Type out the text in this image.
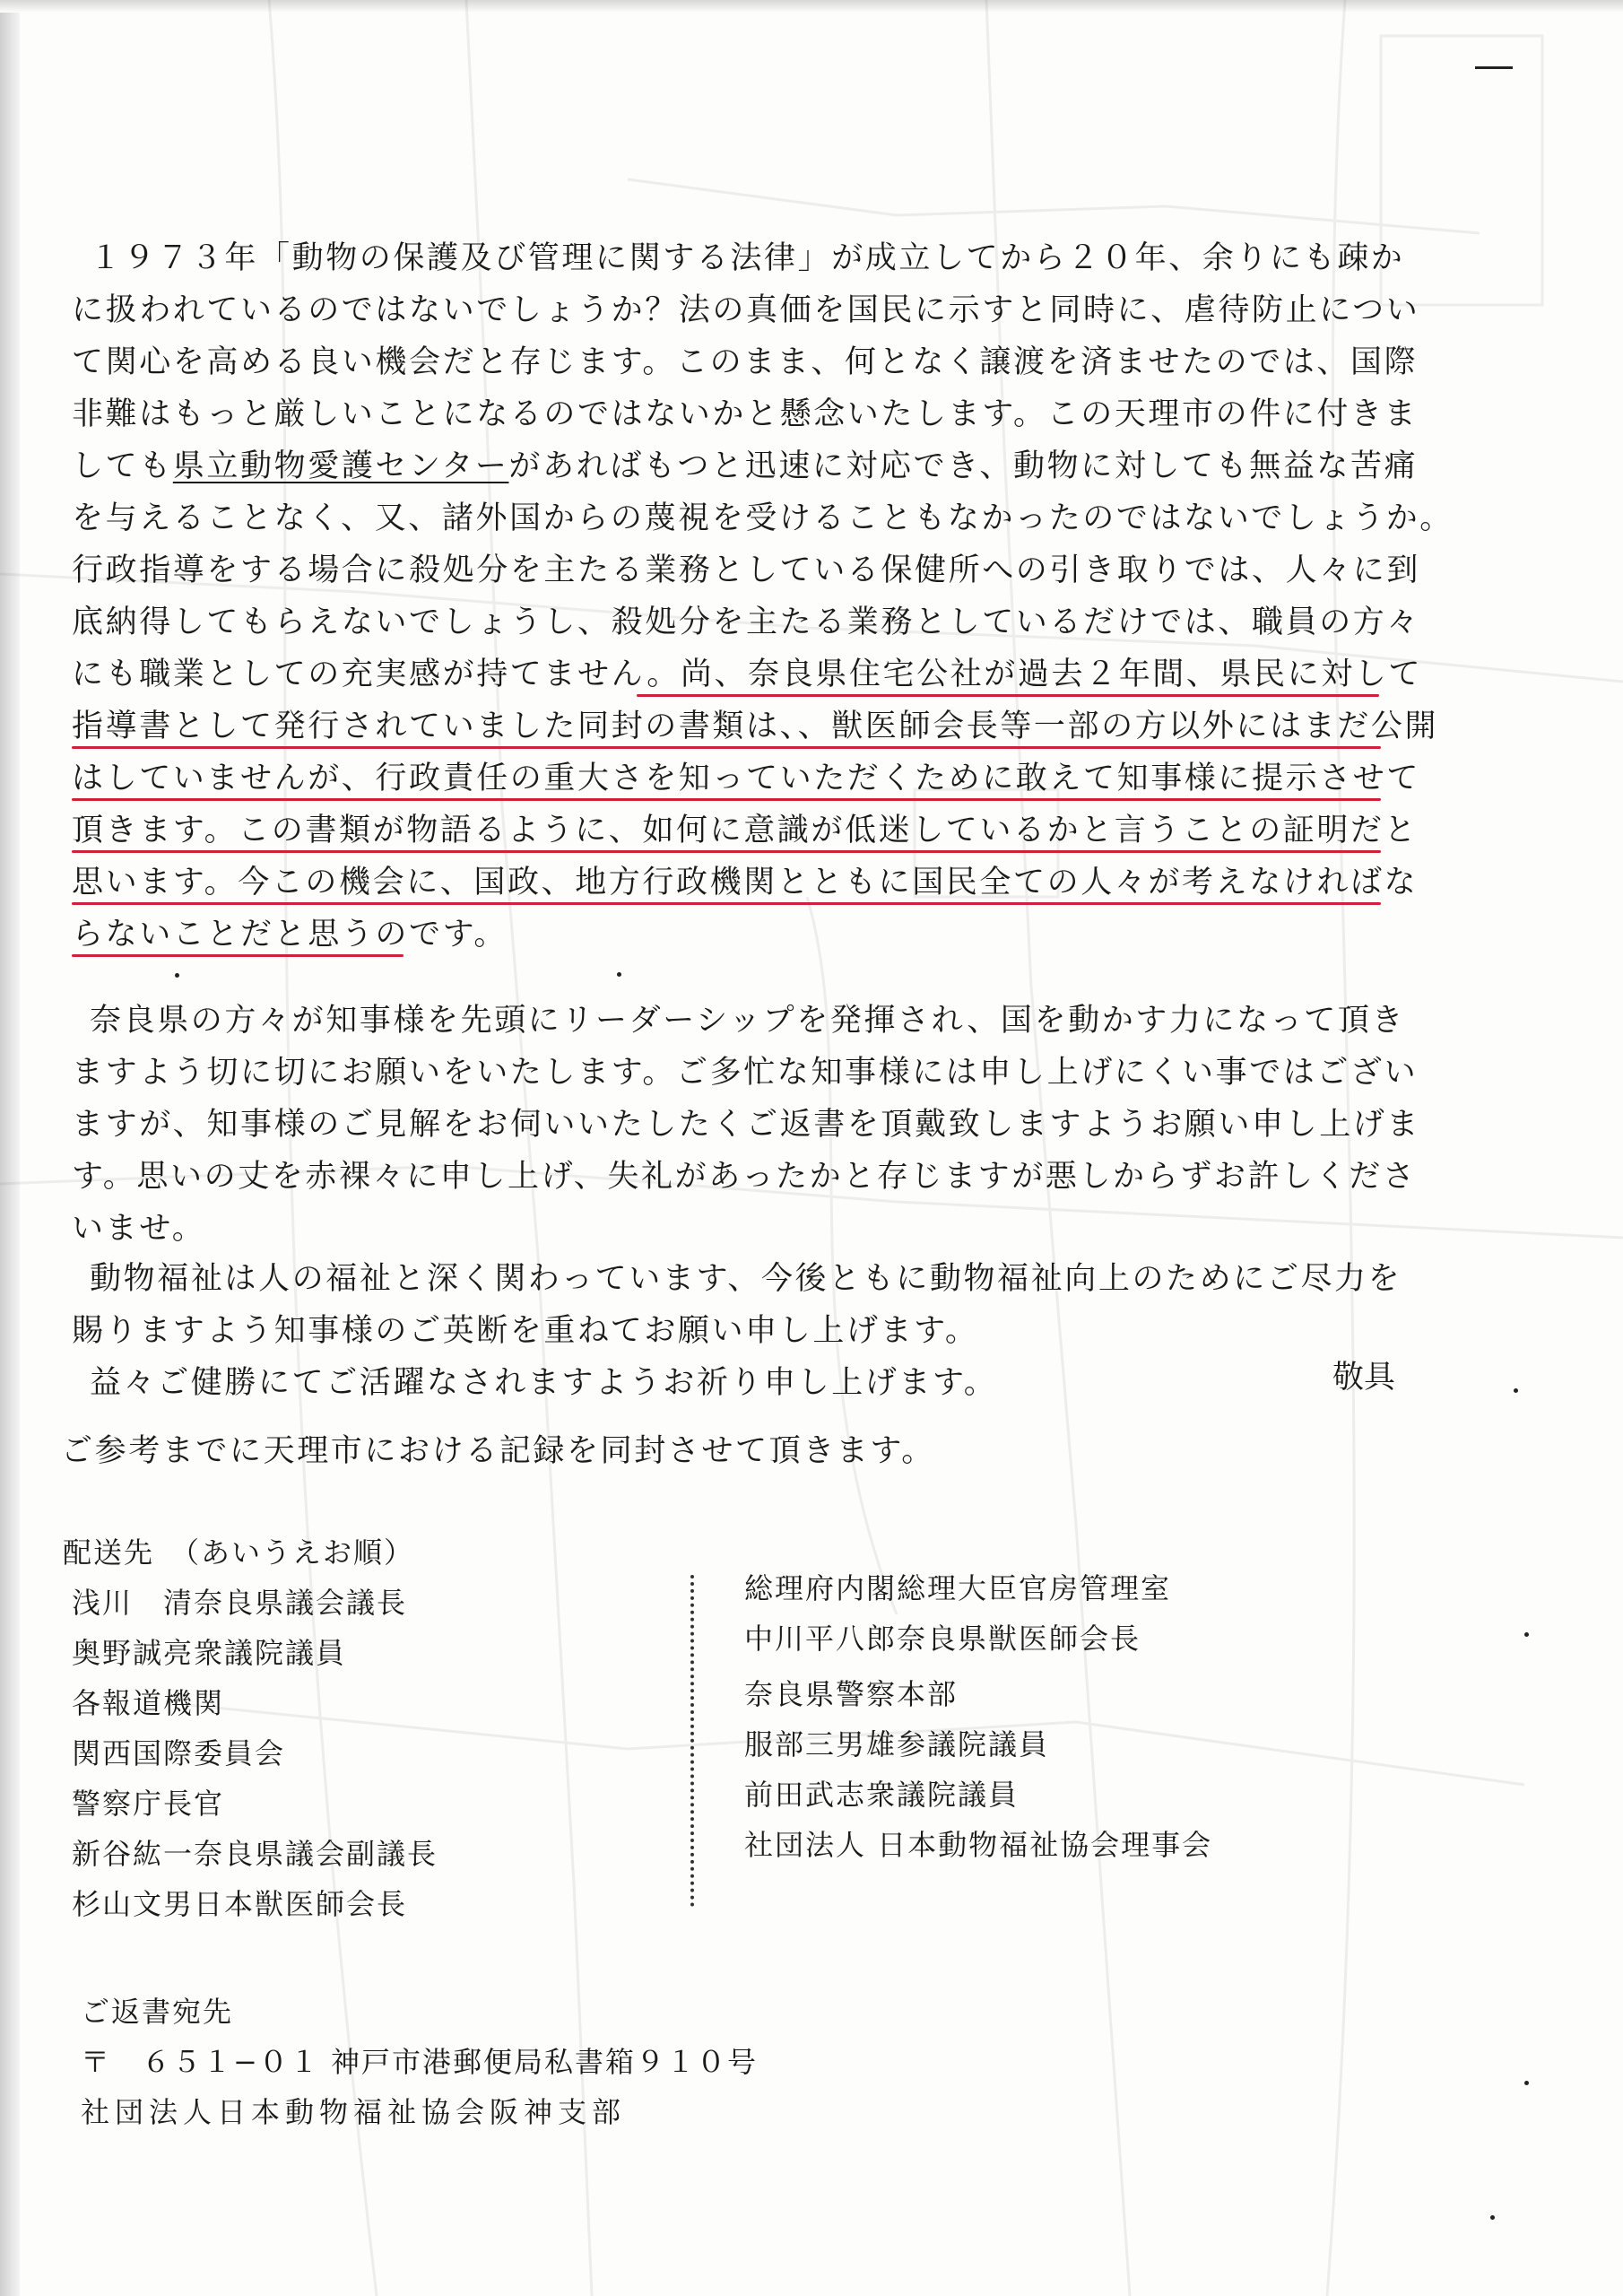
１９７３年「動物の保護及び管理に関する法律」が成立してから２０年、余りにも疎か
に扱われているのではないでしょうか？法の真価を国民に示すと同時に、虐待防止につい
て関心を高める良い機会だと存じます。このまま、何となく譲渡を済ませたのでは、国際
非難はもっと厳しいことになるのではないかと懸念いたします。この天理市の件に付きま
しても県立動物愛護センターがあればもつと迅速に対応でき、動物に対しても無益な苦痛
を与えることなく、又、諸外国からの蔑視を受けることもなかったのではないでしょうか。
行政指導をする場合に殺処分を主たる業務としている保健所への引き取りでは、人々に到
底納得してもらえないでしょうし、殺処分を主たる業務としているだけでは、職員の方々
にも職業としての充実感が持てません。尚、奈良県住宅公社が過去２年間、県民に対して
指導書として発行されていました同封の書類は、、獣医師会長等一部の方以外にはまだ公開
はしていませんが、行政責任の重大さを知っていただくために敢えて知事様に提示させて
頂きます。この書類が物語るように、如何に意識が低迷しているかと言うことの証明だと
思います。今この機会に、国政、地方行政機関とともに国民全ての人々が考えなければな
らないことだと思うのです。
奈良県の方々が知事様を先頭にリーダーシップを発揮され、国を動かす力になって頂き
ますよう切に切にお願いをいたします。ご多忙な知事様には申し上げにくい事ではござい
ますが、知事様のご見解をお伺いいたしたくご返書を頂戴致しますようお願い申し上げま
す。思いの丈を赤裸々に申し上げ、失礼があったかと存じますが悪しからずお許しくださ
いませ。
動物福祉は人の福祉と深く関わっています、今後ともに動物福祉向上のためにご尽力を
賜りますよう知事様のご英断を重ねてお願い申し上げます。
益々ご健勝にてご活躍なされますようお祈り申し上げます。	敬具
ご参考までに天理市における記録を同封させて頂きます。
配送先　（あいうえお順）
浅川　清奈良県議会議長
奥野誠亮衆議院議員
各報道機関
関西国際委員会
警察庁長官
新谷紘一奈良県議会副議長
杉山文男日本獣医師会長
総理府内閣総理大臣官房管理室
中川平八郎奈良県獣医師会長
奈良県警察本部
服部三男雄参議院議員
前田武志衆議院議員
社団法人 日本動物福祉協会理事会
ご返書宛先
〒　 ６５１−０１ 神戸市港郵便局私書箱９１０号
社団法人日本動物福祉協会阪神支部
